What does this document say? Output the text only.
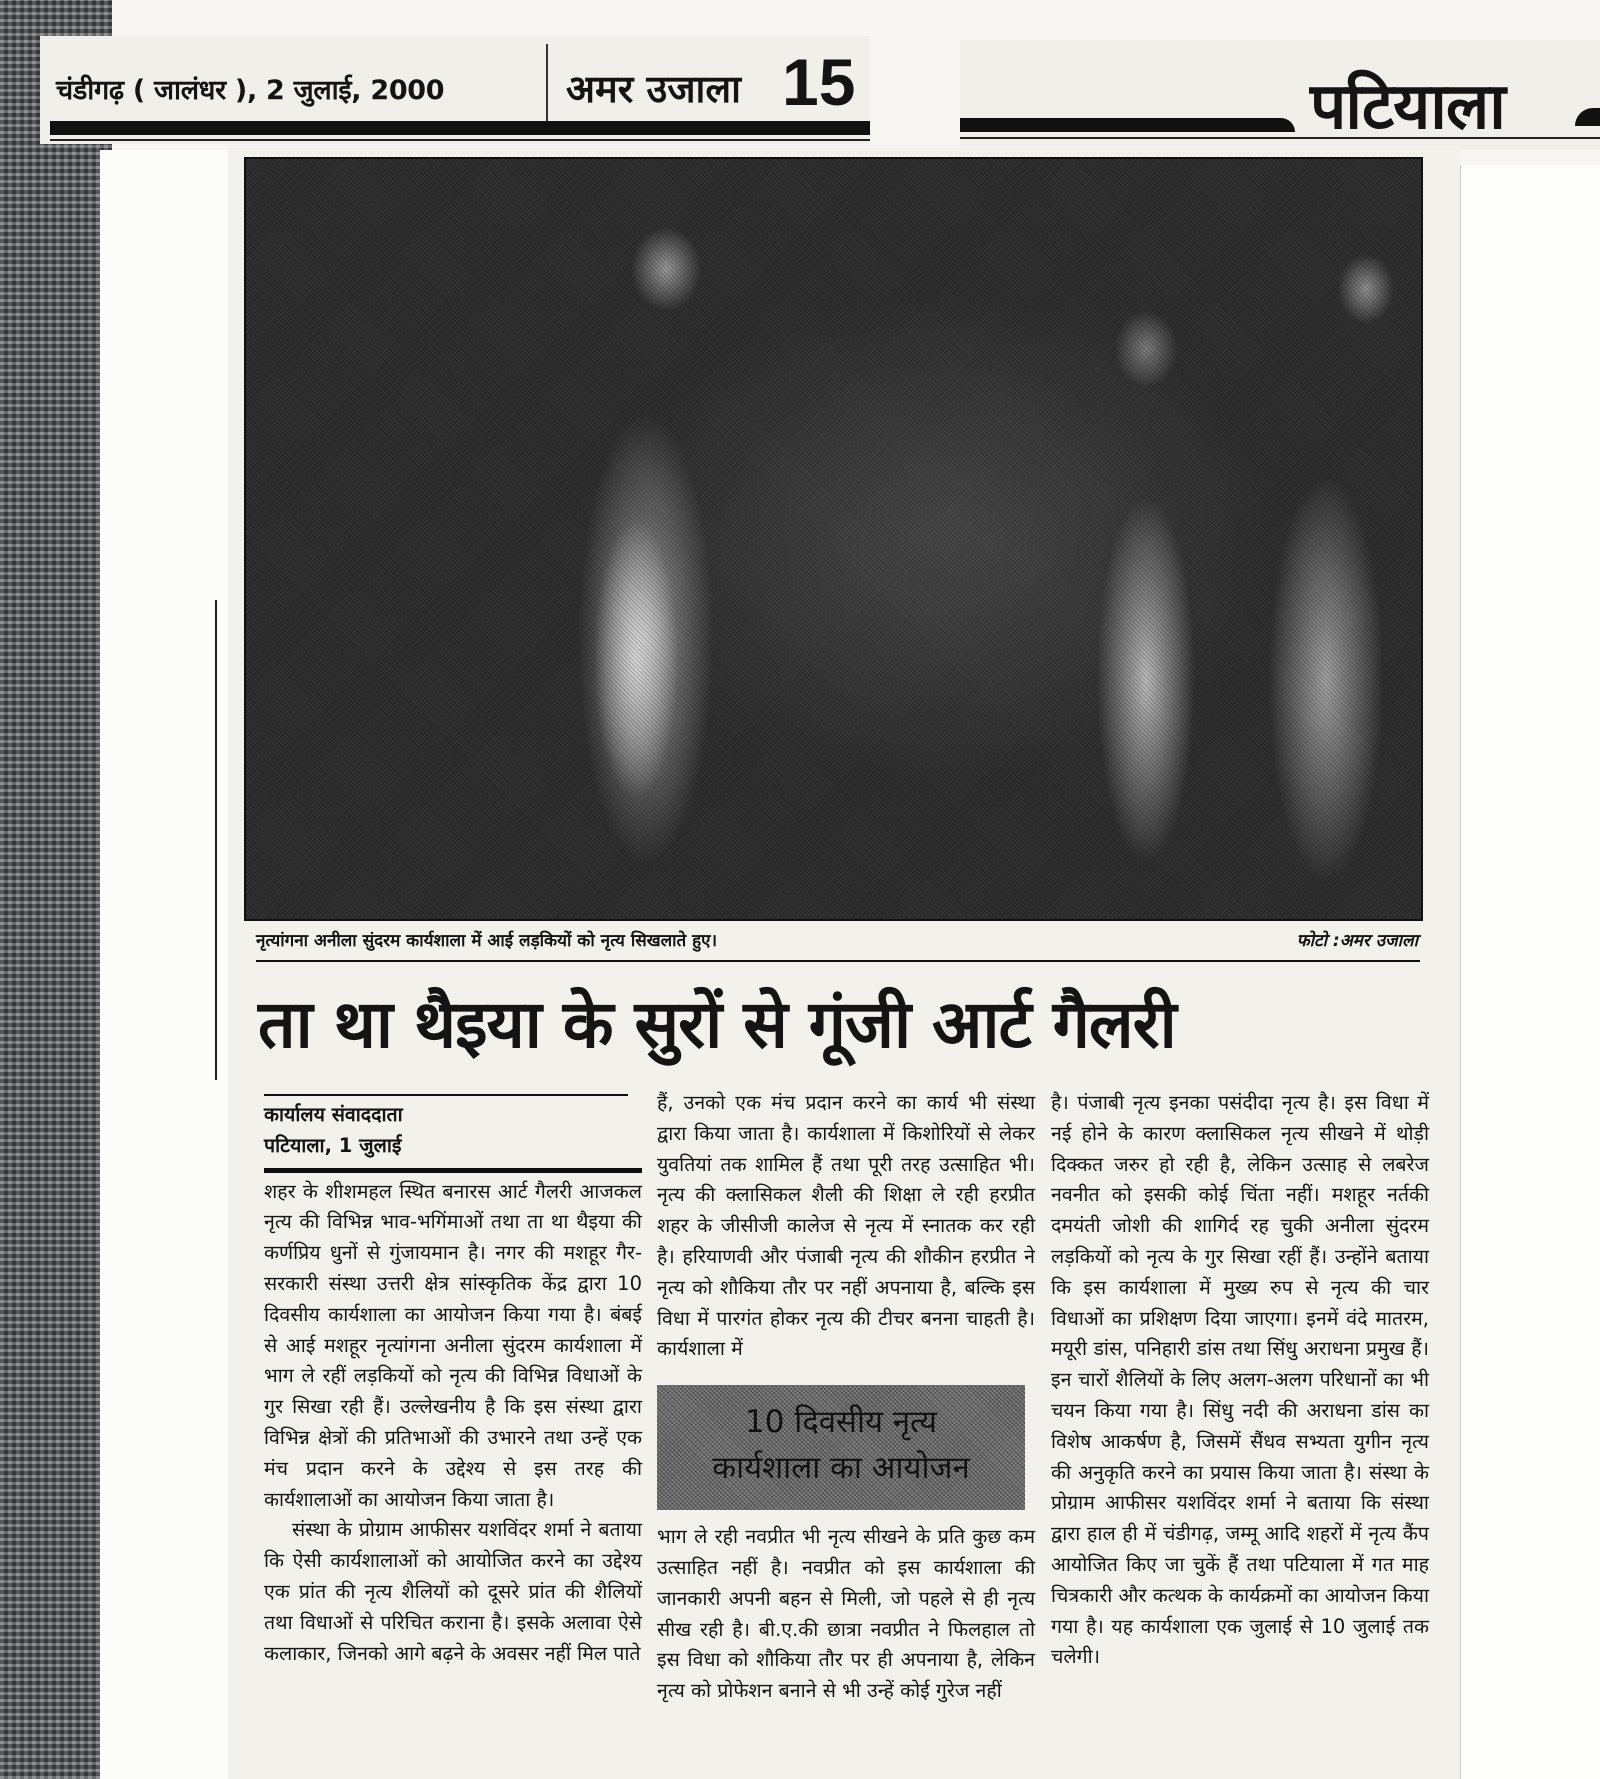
चंडीगढ़ ( जालंधर ), 2 जुलाई, 2000	अमर उजाला 15	पटियाला
नृत्यांगना अनीला सुंदरम कार्यशाला में आई लड़कियों को नृत्य सिखलाते हुए।	फोटो :अमर उजाला
ता था थैइया के सुरों से गूंजी आर्ट गैलरी
कार्यालय संवाददाता
पटियाला, 1 जुलाई

शहर के शीशमहल स्थित बनारस आर्ट गैलरी आजकल नृत्य की विभिन्न भाव-भगिंमाओं तथा ता था थैइया की कर्णप्रिय धुनों से गुंजायमान है। नगर की मशहूर गैर-सरकारी संस्था उत्तरी क्षेत्र सांस्कृतिक केंद्र द्वारा 10 दिवसीय कार्यशाला का आयोजन किया गया है। बंबई से आई मशहूर नृत्यांगना अनीला सुंदरम कार्यशाला में भाग ले रहीं लड़कियों को नृत्य की विभिन्न विधाओं के गुर सिखा रही हैं। उल्लेखनीय है कि इस संस्था द्वारा विभिन्न क्षेत्रों की प्रतिभाओं की उभारने तथा उन्हें एक मंच प्रदान करने के उद्देश्य से इस तरह की कार्यशालाओं का आयोजन किया जाता है।

संस्था के प्रोग्राम आफीसर यशविंदर शर्मा ने बताया कि ऐसी कार्यशालाओं को आयोजित करने का उद्देश्य एक प्रांत की नृत्य शैलियों को दूसरे प्रांत की शैलियों तथा विधाओं से परिचित कराना है। इसके अलावा ऐसे कलाकार, जिनको आगे बढ़ने के अवसर नहीं मिल पाते

हैं, उनको एक मंच प्रदान करने का कार्य भी संस्था द्वारा किया जाता है। कार्यशाला में किशोरियों से लेकर युवतियां तक शामिल हैं तथा पूरी तरह उत्साहित भी। नृत्य की क्लासिकल शैली की शिक्षा ले रही हरप्रीत शहर के जीसीजी कालेज से नृत्य में स्नातक कर रही है। हरियाणवी और पंजाबी नृत्य की शौकीन हरप्रीत ने नृत्य को शौकिया तौर पर नहीं अपनाया है, बल्कि इस विधा में पारगंत होकर नृत्य की टीचर बनना चाहती है। कार्यशाला में

10 दिवसीय नृत्य
कार्यशाला का आयोजन

भाग ले रही नवप्रीत भी नृत्य सीखने के प्रति कुछ कम उत्साहित नहीं है। नवप्रीत को इस कार्यशाला की जानकारी अपनी बहन से मिली, जो पहले से ही नृत्य सीख रही है। बी.ए.की छात्रा नवप्रीत ने फिलहाल तो इस विधा को शौकिया तौर पर ही अपनाया है, लेकिन नृत्य को प्रोफेशन बनाने से भी उन्हें कोई गुरेज नहीं

है। पंजाबी नृत्य इनका पसंदीदा नृत्य है। इस विधा में नई होने के कारण क्लासिकल नृत्य सीखने में थोड़ी दिक्कत जरुर हो रही है, लेकिन उत्साह से लबरेज नवनीत को इसकी कोई चिंता नहीं। मशहूर नर्तकी दमयंती जोशी की शागिर्द रह चुकी अनीला सुंदरम लड़कियों को नृत्य के गुर सिखा रहीं हैं। उन्होंने बताया कि इस कार्यशाला में मुख्य रुप से नृत्य की चार विधाओं का प्रशिक्षण दिया जाएगा। इनमें वंदे मातरम, मयूरी डांस, पनिहारी डांस तथा सिंधु अराधना प्रमुख हैं। इन चारों शैलियों के लिए अलग-अलग परिधानों का भी चयन किया गया है। सिंधु नदी की अराधना डांस का विशेष आकर्षण है, जिसमें सैंधव सभ्यता युगीन नृत्य की अनुकृति करने का प्रयास किया जाता है। संस्था के प्रोग्राम आफीसर यशविंदर शर्मा ने बताया कि संस्था द्वारा हाल ही में चंडीगढ़, जम्मू आदि शहरों में नृत्य कैंप आयोजित किए जा चुकें हैं तथा पटियाला में गत माह चित्रकारी और कत्थक के कार्यक्रमों का आयोजन किया गया है। यह कार्यशाला एक जुलाई से 10 जुलाई तक चलेगी।
